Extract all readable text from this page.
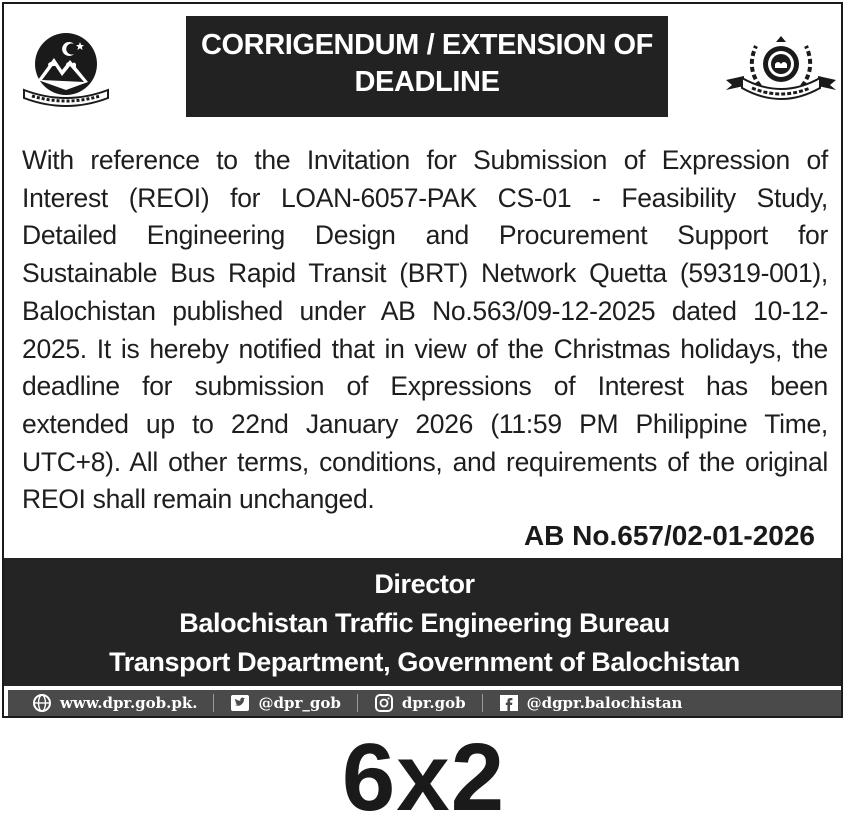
CORRIGENDUM / EXTENSION OF
DEADLINE
With reference to the Invitation for Submission of Expression of
Interest (REOI) for LOAN-6057-PAK CS-01 - Feasibility Study,
Detailed Engineering Design and Procurement Support for
Sustainable Bus Rapid Transit (BRT) Network Quetta (59319-001),
Balochistan published under AB No.563/09-12-2025 dated 10-12-
2025. It is hereby notified that in view of the Christmas holidays, the
deadline for submission of Expressions of Interest has been
extended up to 22nd January 2026 (11:59 PM Philippine Time,
UTC+8). All other terms, conditions, and requirements of the original
REOI shall remain unchanged.
AB No.657/02-01-2026
Director
Balochistan Traffic Engineering Bureau
Transport Department, Government of Balochistan
www.dpr.gob.pk.	@dpr_gob	dpr.gob	@dgpr.balochistan
6x2
